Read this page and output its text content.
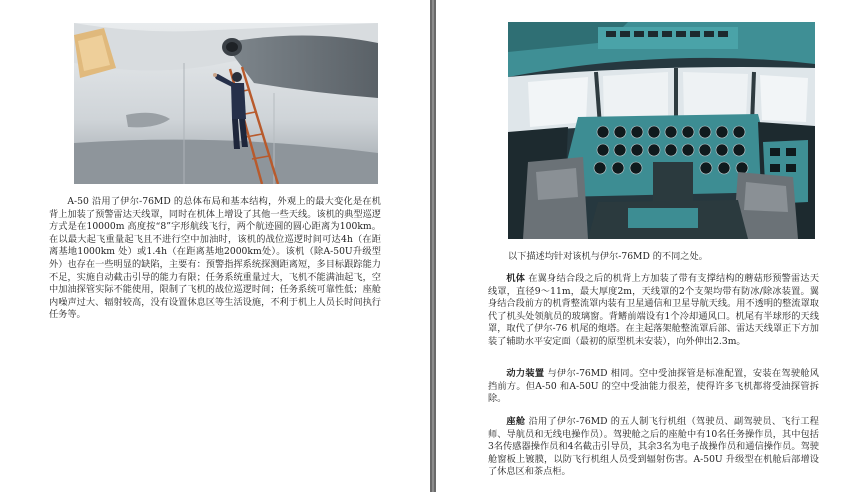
A-50 沿用了伊尔-76MD 的总体布局和基本结构，外观上的最大变化是在机背上加装了预警雷达天线罩，同时在机体上增设了其他一些天线。该机的典型巡逻方式是在10000m 高度按“8”字形航线飞行，两个航迹圆的圆心距离为100km。在以最大起飞重量起飞且不进行空中加油时，该机的战位巡逻时间可达4h（在距离基地1000km 处）或1.4h（在距离基地2000km处）。该机（除A-50U升级型外）也存在一些明显的缺陷，主要有：预警指挥系统探测距离短，多目标跟踪能力不足，实施自动截击引导的能力有限；任务系统重量过大，飞机不能满油起飞，空中加油探管实际不能使用，限制了飞机的战位巡逻时间；任务系统可靠性低；座舱内噪声过大、辐射较高，没有设置休息区等生活设施，不利于机上人员长时间执行任务等。

以下描述均针对该机与伊尔-76MD 的不同之处。

机体 在翼身结合段之后的机背上方加装了带有支撑结构的蘑菇形预警雷达天线罩，直径9～11m，最大厚度2m，天线罩的2个支架均带有防冰/除冰装置。翼身结合段前方的机背整流罩内装有卫星通信和卫星导航天线。用不透明的整流罩取代了机头处领航员的玻璃窗。背鳍前端设有1个冷却通风口。机尾有半球形的天线罩，取代了伊尔-76 机尾的炮塔。在主起落架舱整流罩后部、雷达天线罩正下方加装了辅助水平安定面（最初的原型机未安装），向外伸出2.3m。

动力装置 与伊尔-76MD 相同。空中受油探管是标准配置，安装在驾驶舱风挡前方。但A-50 和A-50U 的空中受油能力很差，使得许多飞机都将受油探管拆除。

座舱 沿用了伊尔-76MD 的五人制飞行机组（驾驶员、副驾驶员、飞行工程师、导航员和无线电操作员）。驾驶舱之后的座舱中有10名任务操作员，其中包括3名传感器操作员和4名截击引导员，其余3名为电子战操作员和通信操作员。驾驶舱窗板上镀膜，以防飞行机组人员受到辐射伤害。A-50U 升级型在机舱后部增设了休息区和茶点柜。
